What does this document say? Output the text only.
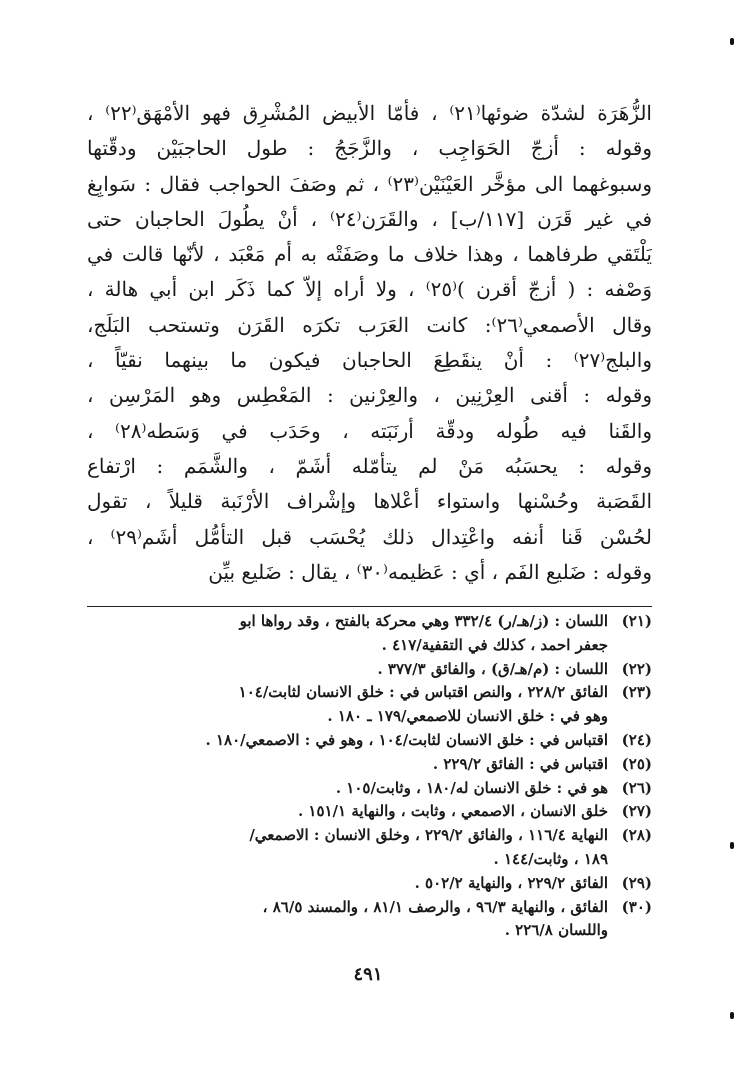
الزُّهَرَة لشدّة ضوئها⁽٢١⁾ ، فأمّا الأبيض المُشْرِق فهو الأمْهَق⁽٢٢⁾ ،
وقوله : أزجّ الحَوَاجِب ، والزَّجَجُ : طول الحاجبَيْن ودقّتها
وسبوغهما الى مؤخَّر العَيْنَيْن⁽٢٣⁾ ، ثم وصَفَ الحواجب فقال : سَوابِغ
في غير قَرَن [١١٧/ب] ، والقَرَن⁽٢٤⁾ ، أنْ يطُولَ الحاجبان حتى
يَلْتَقي طرفاهما ، وهذا خلاف ما وصَفَتْه به أم مَعْبَد ، لأنّها قالت في
وَصْفه : ( أزجّ أقرن )⁽٢٥⁾ ، ولا أراه إلاّ كما ذَكَر ابن أبي هالة ،
وقال الأصمعي⁽٢٦⁾: كانت العَرَب تكرَه القَرَن وتستحب البَلَج،
والبلج⁽٢٧⁾ : أنْ ينقَطِعَ الحاجبان فيكون ما بينهما نقيّاً ،
وقوله : أقنى العِرْنِين ، والعِرْنين : المَعْطِس وهو المَرْسِن ،
والقَنا فيه طُوله ودقّة أرنَبَته ، وحَدَب في وَسَطه⁽٢٨⁾ ،
وقوله : يحسَبُه مَنْ لم يتأمّله أشَمّ ، والشَّمَم : ارْتفاع
القَصَبة وحُسْنها واستواء أعْلاها وإشْراف الأرْنَبة قليلاً ، تقول
لحُسْن قَنا أنفه واعْتِدال ذلك يُحْسَب قبل التأمُّل أشَم⁽٢٩⁾ ،
وقوله : ضَليع الفَم ، أي : عَظيمه⁽٣٠⁾ ، يقال : ضَليع بيِّن
(٢١)
اللسان : (ز/هـ/ر) ٣٣٢/٤ وهي محركة بالفتح ، وقد رواها ابو
جعفر احمد ، كذلك في التقفية/٤١٧ .
(٢٢)
اللسان : (م/هـ/ق) ، والفائق ٣٧٧/٣ .
(٢٣)
الفائق ٢٢٨/٢ ، والنص اقتباس في : خلق الانسان لثابت/١٠٤
وهو في : خلق الانسان للاصمعي/١٧٩ ـ ١٨٠ .
(٢٤)
اقتباس في : خلق الانسان لثابت/١٠٤ ، وهو في : الاصمعي/١٨٠ .
(٢٥)
اقتباس في : الفائق ٢٢٩/٢ .
(٢٦)
هو في : خلق الانسان له/١٨٠ ، وثابت/١٠٥ .
(٢٧)
خلق الانسان ، الاصمعي ، وثابت ، والنهاية ١٥١/١ .
(٢٨)
النهاية ١١٦/٤ ، والفائق ٢٢٩/٢ ، وخلق الانسان : الاصمعي/
١٨٩ ، وثابت/١٤٤ .
(٢٩)
الفائق ٢٢٩/٢ ، والنهاية ٥٠٢/٢ .
(٣٠)
الفائق ، والنهاية ٩٦/٣ ، والرصف ٨١/١ ، والمسند ٨٦/٥ ،
واللسان ٢٢٦/٨ .
٤٩١
